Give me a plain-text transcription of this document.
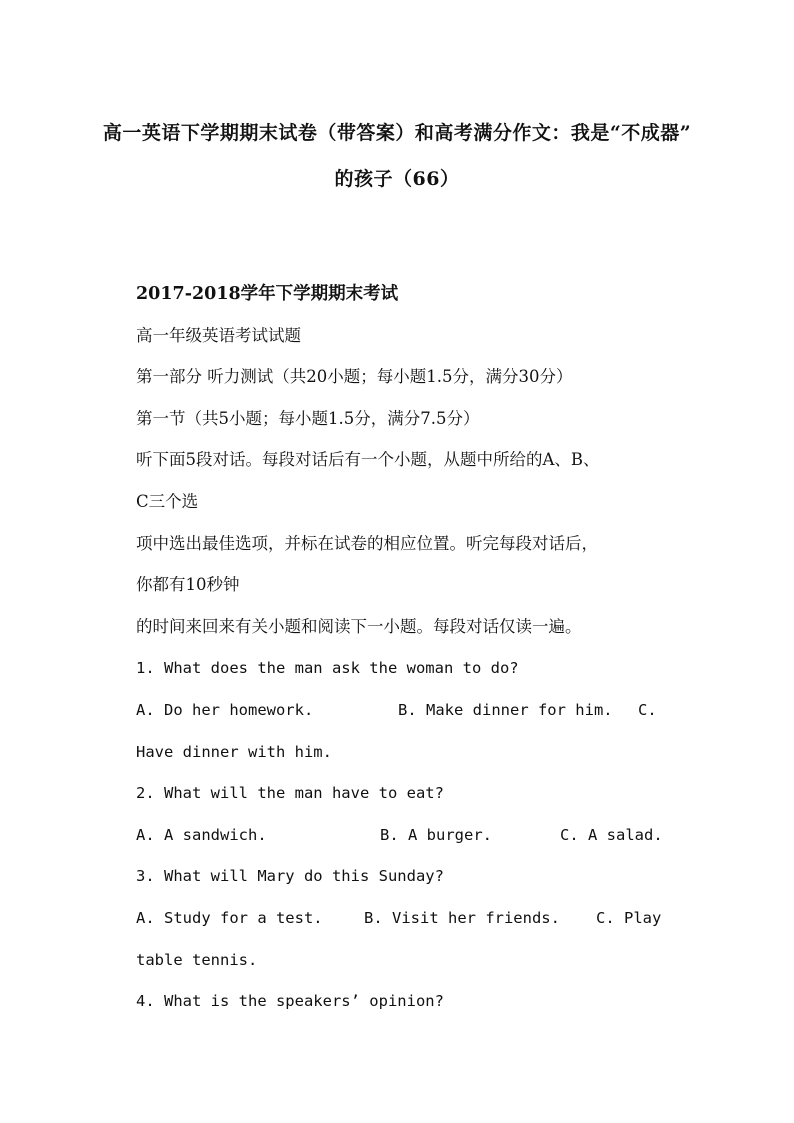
高一英语下学期期末试卷（带答案）和高考满分作文：我是“不成器”
的孩子（66）
2017-2018学年下学期期末考试
高一年级英语考试试题
第一部分 听力测试（共20小题；每小题1.5分，满分30分）
第一节（共5小题；每小题1.5分，满分7.5分）
听下面5段对话。每段对话后有一个小题，从题中所给的A、B、
C三个选
项中选出最佳选项，并标在试卷的相应位置。听完每段对话后，
你都有10秒钟
的时间来回来有关小题和阅读下一小题。每段对话仅读一遍。
1. What does the man ask the woman to do?
A. Do her homework.	B. Make dinner for him.	C.
Have dinner with him.
2. What will the man have to eat?
A. A sandwich.	B. A burger.	C. A salad.
3. What will Mary do this Sunday?
A. Study for a test.	B. Visit her friends.	C. Play
table tennis.
4. What is the speakers’ opinion?
